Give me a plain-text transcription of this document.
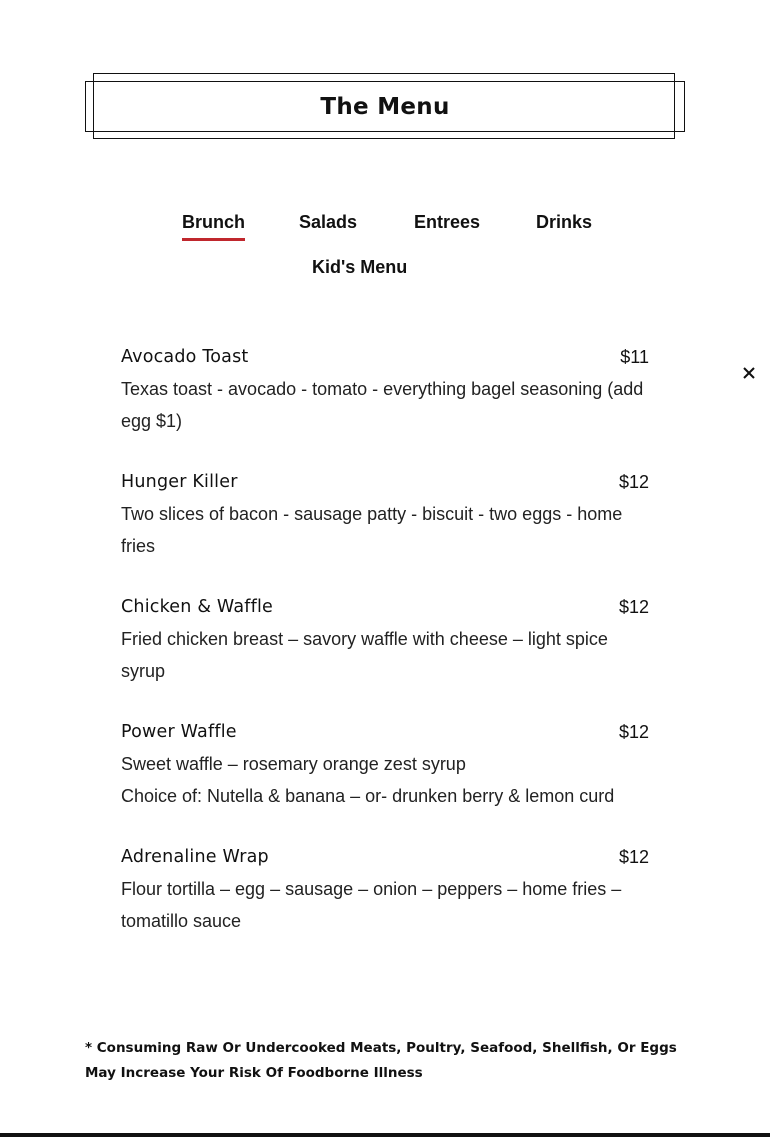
The Menu
Brunch	Salads	Entrees	Drinks
Kid's Menu
Avocado Toast	$11
Texas toast - avocado - tomato - everything bagel seasoning (add egg $1)
Hunger Killer	$12
Two slices of bacon - sausage patty - biscuit - two eggs - home fries
Chicken & Waffle	$12
Fried chicken breast – savory waffle with cheese – light spice syrup
Power Waffle	$12
Sweet waffle – rosemary orange zest syrup
Choice of: Nutella & banana – or- drunken berry & lemon curd
Adrenaline Wrap	$12
Flour tortilla – egg – sausage – onion – peppers – home fries – tomatillo sauce
* Consuming Raw Or Undercooked Meats, Poultry, Seafood, Shellfish, Or Eggs May Increase Your Risk Of Foodborne Illness
